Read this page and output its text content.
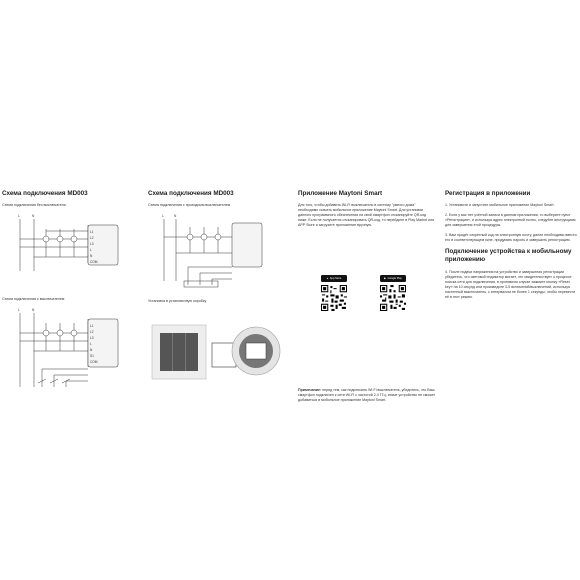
Схема подключения MD003
Схема подключения без выключателя
L	N
L1
L2
L3
L
N
COM
Схема подключения с выключателем
L	N
L1
L2
L3
L
N
S1
COM
Схема подключения MD003
Схема подключения с проходным выключателем
L	N
Установка в установочную коробку
Приложение Maytoni Smart
Для того, чтобы добавить Wi-Fi выключатель в систему "умного дома" необходимо скачать мобильное приложение Maytoni Smart. Для установки данного программного обеспечения на свой смартфон отсканируйте QR-код ниже. Если не получается отсканировать QR-код, то перейдите в Play Market или APP Store и загрузите приложение вручную.
● App Store	▶ Google Play
Примечание: перед тем, как подключить Wi-Fi выключатель, убедитесь, что Ваш смартфон подключен к сети Wi-Fi с частотой 2.4 ГГц, иначе устройство не сможет добавиться в мобильное приложение Maytoni Smart.
Регистрация в приложении
1. Установите и запустите мобильное приложение Maytoni Smart.
2. Если у вас нет учётной записи в данном приложении, то выберите пункт «Регистрация», и используя адрес электронной почты, следуйте инструкциям для завершения этой процедуры.
3. Вам придёт секретный код на электронную почту, далее необходимо ввести его в соответствующем окне, придумать пароль и завершить регистрацию.
Подключение устройства к мобильному приложению
4. После подачи напряжения на устройство и завершения регистрации убедитесь, что световой индикатор мигает, что свидетельствует о процессе поиска сети для подключения, в противном случае зажмите кнопку «Reset key» на 10 секунд или произведите 3-5 включений/выключений, используя настенный выключатель, с интервалом не более 1 секунды, чтобы перевести её в этот режим.
